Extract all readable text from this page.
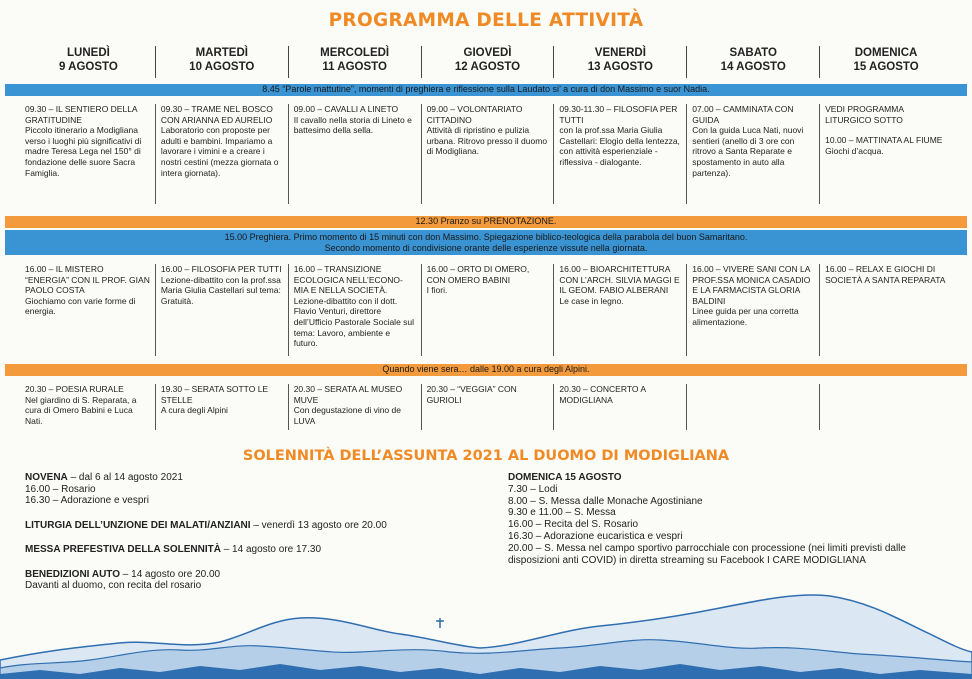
PROGRAMMA DELLE ATTIVITÀ
LUNEDÌ
9 AGOSTO
MARTEDÌ
10 AGOSTO
MERCOLEDÌ
11 AGOSTO
GIOVEDÌ
12 AGOSTO
VENERDÌ
13 AGOSTO
SABATO
14 AGOSTO
DOMENICA
15 AGOSTO
8.45 “Parole mattutine”, momenti di preghiera e riflessione sulla Laudato si’ a cura di don Massimo e suor Nadia.
09.30 – IL SENTIERO DELLA GRATITUDINE
Piccolo itinerario a Modigliana verso i luoghi più significativi di madre Teresa Lega nel 150° di fondazione delle suore Sacra Famiglia.
09.30 – TRAME NEL BOSCO CON ARIANNA ED AURELIO
Laboratorio con proposte per adulti e bambini. Impariamo a lavorare i vimini e a creare i nostri cestini (mezza giornata o intera giornata).
09.00 – CAVALLI A LINETO
Il cavallo nella storia di Lineto e battesimo della sella.
09.00 – VOLONTARIATO CITTADINO
Attività di ripristino e pulizia urbana. Ritrovo presso il duomo di Modigliana.
09.30-11.30 – FILOSOFIA PER TUTTI
con la prof.ssa Maria Giulia Castellari: Elogio della lentezza, con attività esperienziale - riflessiva - dialogante.
07.00 – CAMMINATA CON GUIDA
Con la guida Luca Nati, nuovi sentieri (anello di 3 ore con ritrovo a Santa Reparate e spostamento in auto alla partenza).
VEDI PROGRAMMA LITURGICO SOTTO
10.00 – MATTINATA AL FIUME Giochi d’acqua.
12.30 Pranzo su PRENOTAZIONE.
15.00 Preghiera. Primo momento di 15 minuti con don Massimo. Spiegazione biblico-teologica della parabola del buon Samaritano.
Secondo momento di condivisione orante delle esperienze vissute nella giornata.
16.00 – IL MISTERO “ENERGIA” CON IL PROF. GIAN PAOLO COSTA
Giochiamo con varie forme di energia.
16.00 – FILOSOFIA PER TUTTI
Lezione-dibattito con la prof.ssa Maria Giulia Castellari sul tema: Gratuità.
16.00 – TRANSIZIONE ECOLOGICA NELL’ECONO-MIA E NELLA SOCIETÀ.
Lezione-dibattito con il dott. Flavio Venturi, direttore dell’Ufficio Pastorale Sociale sul tema: Lavoro, ambiente e futuro.
16.00 – ORTO DI OMERO, CON OMERO BABINI
I fiori.
16.00 – BIOARCHITETTURA CON L’ARCH. SILVIA MAGGI E IL GEOM. FABIO ALBERANI
Le case in legno.
16.00 – VIVERE SANI CON LA PROF.SSA MONICA CASADIO E LA FARMACISTA GLORIA BALDINI
Linee guida per una corretta alimentazione.
16.00 – RELAX E GIOCHI DI SOCIETÀ A SANTA REPARATA
Quando viene sera… dalle 19.00 a cura degli Alpini.
20.30 – POESIA RURALE
Nel giardino di S. Reparata, a cura di Omero Babini e Luca Nati.
19.30 – SERATA SOTTO LE STELLE
A cura degli Alpini
20.30 – SERATA AL MUSEO MUVE
Con degustazione di vino de LUVA
20.30 – “VEGGIA” CON GURIOLI
20.30 – CONCERTO A MODIGLIANA
SOLENNITÀ DELL’ASSUNTA 2021 AL DUOMO DI MODIGLIANA
NOVENA – dal 6 al 14 agosto 2021
16.00 – Rosario
16.30 – Adorazione e vespri
LITURGIA DELL’UNZIONE DEI MALATI/ANZIANI – venerdì 13 agosto ore 20.00
MESSA PREFESTIVA DELLA SOLENNITÀ – 14 agosto ore 17.30
BENEDIZIONI AUTO – 14 agosto ore 20.00
Davanti al duomo, con recita del rosario
DOMENICA 15 AGOSTO
7.30 – Lodi
8.00 – S. Messa dalle Monache Agostiniane
9.30 e 11.00 – S. Messa
16.00 – Recita del S. Rosario
16.30 – Adorazione eucaristica e vespri
20.00 – S. Messa nel campo sportivo parrocchiale con processione (nei limiti previsti dalle disposizioni anti COVID) in diretta streaming su Facebook I CARE MODIGLIANA
